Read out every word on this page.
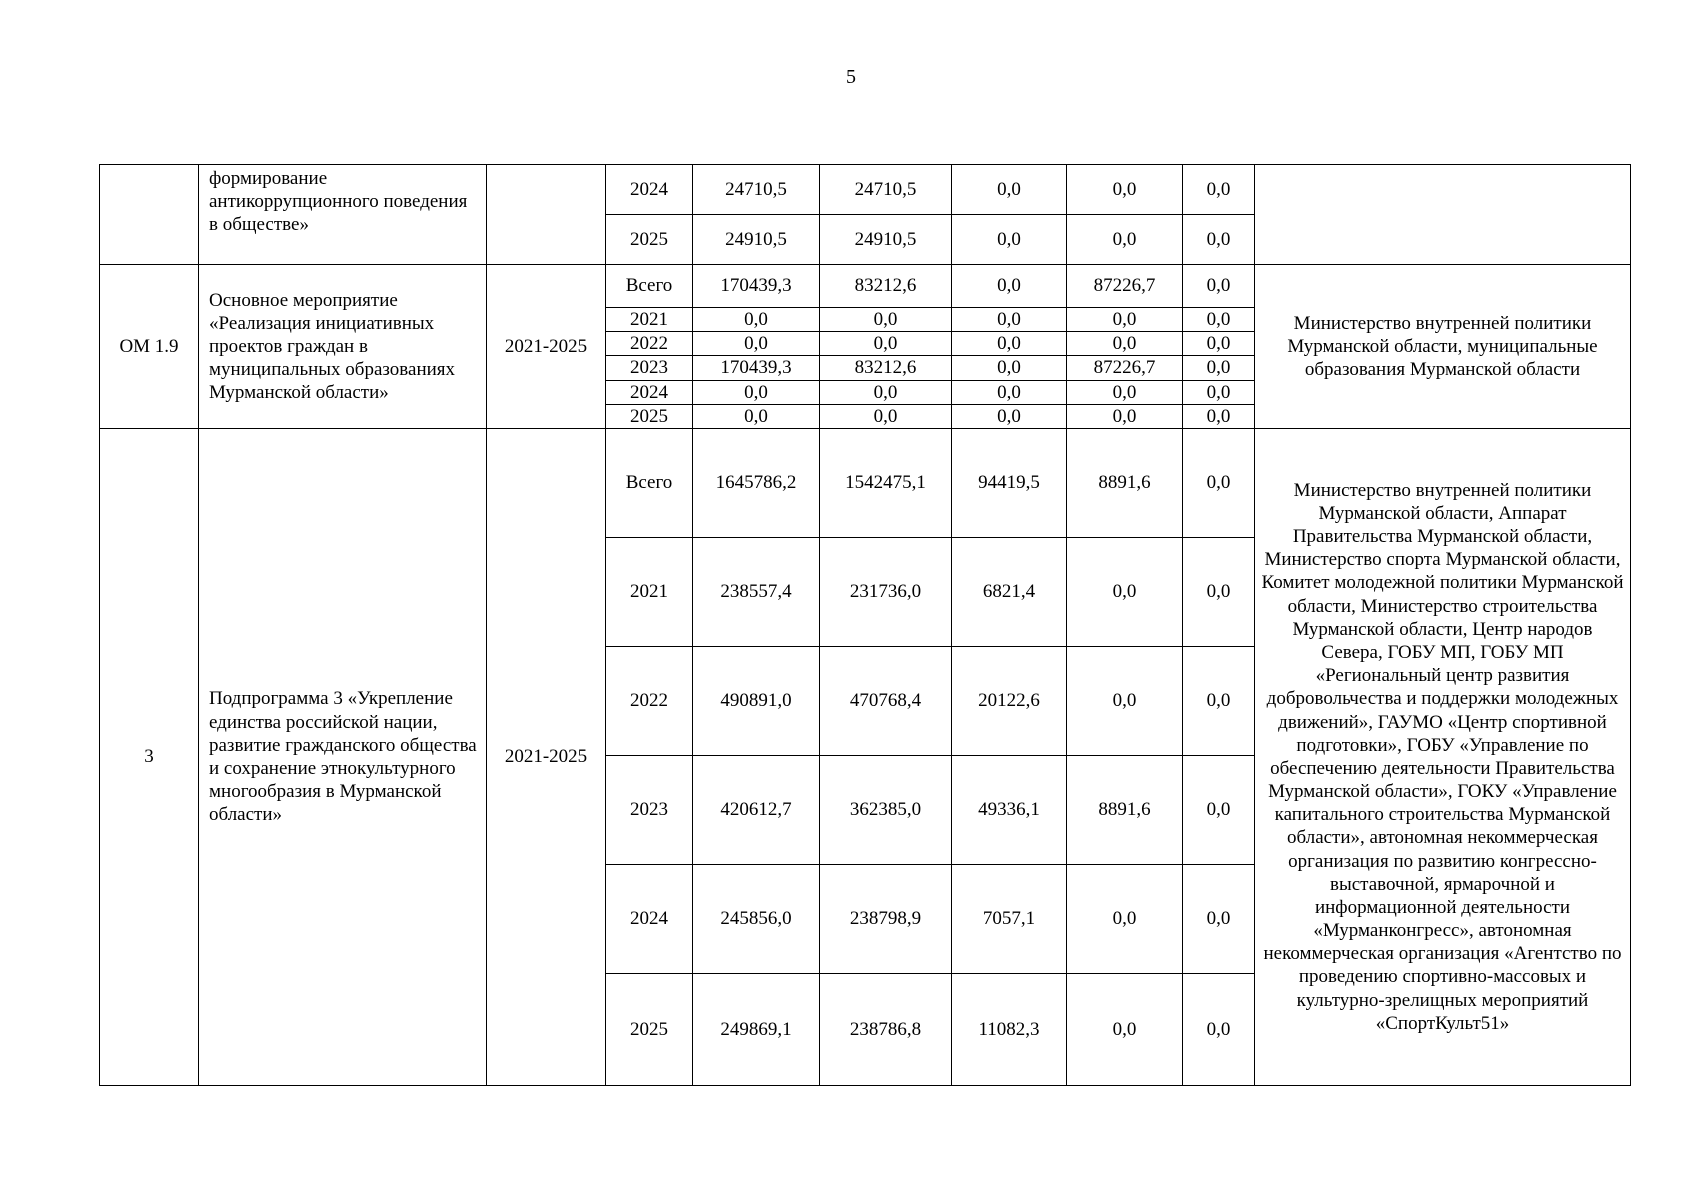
5
	формирование антикоррупционного поведения в обществе»		2024	24710,5	24710,5	0,0	0,0	0,0	
			2025	24910,5	24910,5	0,0	0,0	0,0	
ОМ 1.9	Основное мероприятие «Реализация инициативных проектов граждан в муниципальных образованиях Мурманской области»	2021-2025	Всего	170439,3	83212,6	0,0	87226,7	0,0	Министерство внутренней политики Мурманской области, муниципальные образования Мурманской области
			2021	0,0	0,0	0,0	0,0	0,0	
			2022	0,0	0,0	0,0	0,0	0,0	
			2023	170439,3	83212,6	0,0	87226,7	0,0	
			2024	0,0	0,0	0,0	0,0	0,0	
			2025	0,0	0,0	0,0	0,0	0,0	
3	Подпрограмма 3 «Укрепление единства российской нации, развитие гражданского общества и сохранение этнокультурного многообразия в Мурманской области»	2021-2025	Всего	1645786,2	1542475,1	94419,5	8891,6	0,0	Министерство внутренней политики Мурманской области, Аппарат Правительства Мурманской области, Министерство спорта Мурманской области, Комитет молодежной политики Мурманской области, Министерство строительства Мурманской области, Центр народов Севера, ГОБУ МП, ГОБУ МП «Региональный центр развития добровольчества и поддержки молодежных движений», ГАУМО «Центр спортивной подготовки», ГОБУ «Управление по обеспечению деятельности Правительства Мурманской области», ГОКУ «Управление капитального строительства Мурманской области», автономная некоммерческая организация по развитию конгрессно-выставочной, ярмарочной и информационной деятельности «Мурманконгресс», автономная некоммерческая организация «Агентство по проведению спортивно-массовых и культурно-зрелищных мероприятий «СпортКульт51»
			2021	238557,4	231736,0	6821,4	0,0	0,0	
			2022	490891,0	470768,4	20122,6	0,0	0,0	
			2023	420612,7	362385,0	49336,1	8891,6	0,0	
			2024	245856,0	238798,9	7057,1	0,0	0,0	
			2025	249869,1	238786,8	11082,3	0,0	0,0	
